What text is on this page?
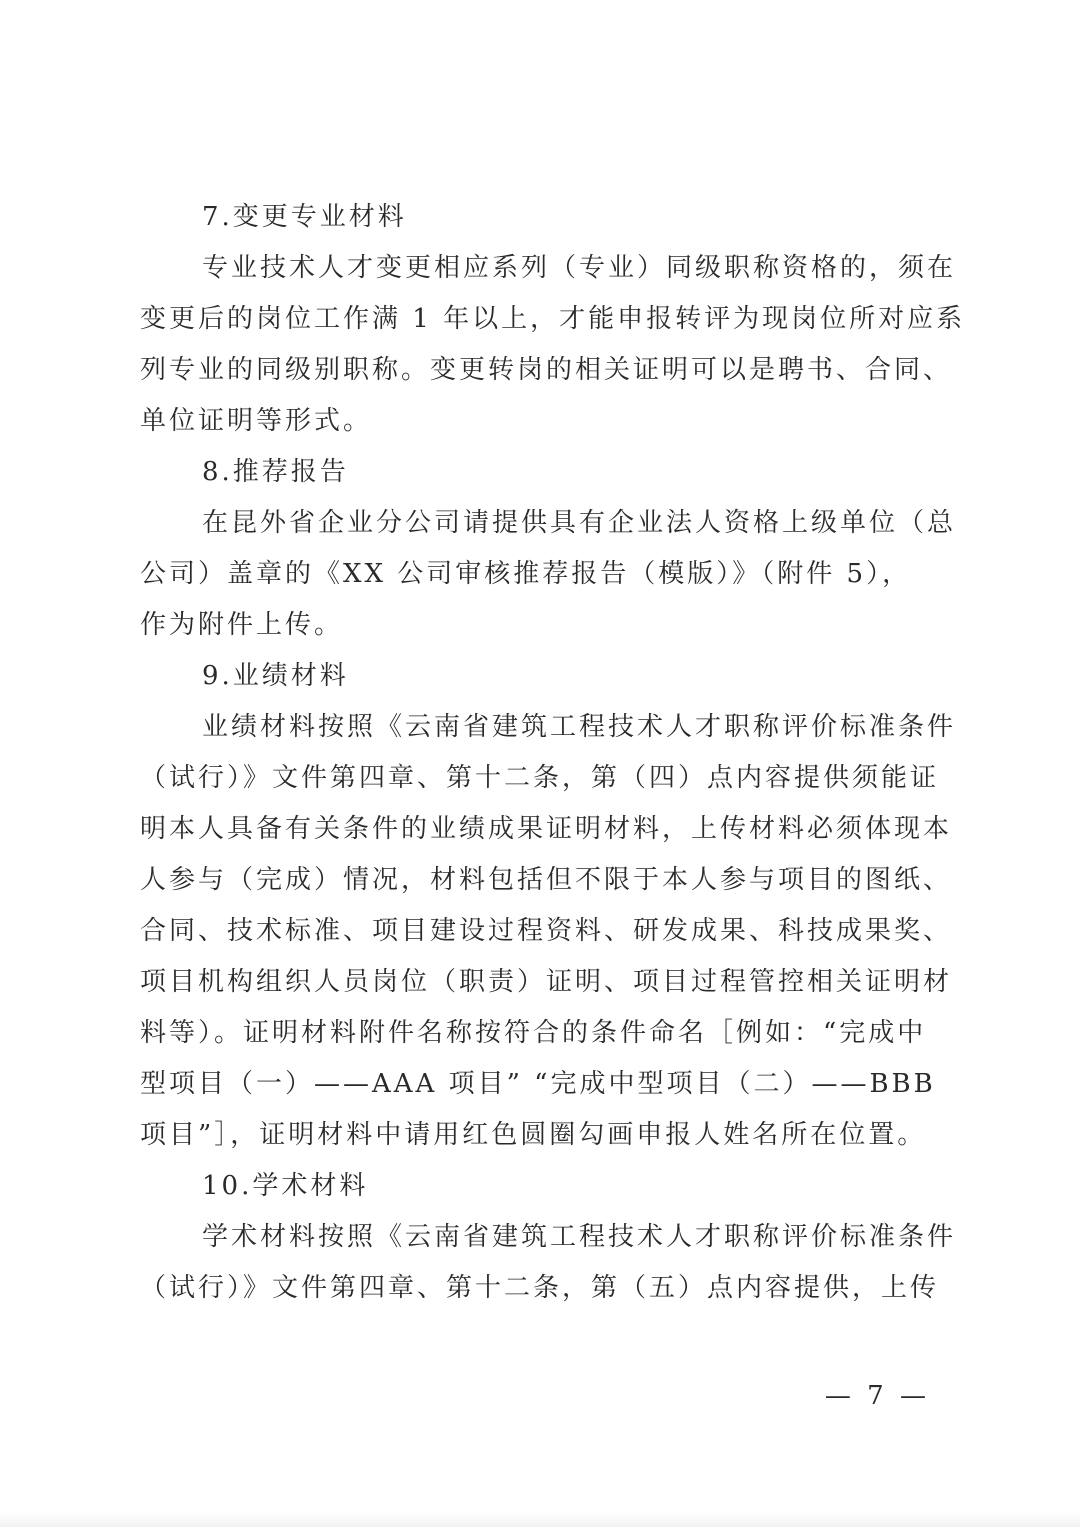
7.变更专业材料
专业技术人才变更相应系列（专业）同级职称资格的，须在
变更后的岗位工作满 1 年以上，才能申报转评为现岗位所对应系
列专业的同级别职称。变更转岗的相关证明可以是聘书、合同、
单位证明等形式。
8.推荐报告
在昆外省企业分公司请提供具有企业法人资格上级单位（总
公司）盖章的《XX 公司审核推荐报告（模版）》（附件 5），
作为附件上传。
9.业绩材料
业绩材料按照《云南省建筑工程技术人才职称评价标准条件
（试行）》文件第四章、第十二条，第（四）点内容提供须能证
明本人具备有关条件的业绩成果证明材料，上传材料必须体现本
人参与（完成）情况，材料包括但不限于本人参与项目的图纸、
合同、技术标准、项目建设过程资料、研发成果、科技成果奖、
项目机构组织人员岗位（职责）证明、项目过程管控相关证明材
料等）。证明材料附件名称按符合的条件命名［例如：“完成中
型项目（一）——AAA 项目” “完成中型项目（二）——BBB
项目”］，证明材料中请用红色圆圈勾画申报人姓名所在位置。
10.学术材料
学术材料按照《云南省建筑工程技术人才职称评价标准条件
（试行）》文件第四章、第十二条，第（五）点内容提供，上传
— 7 —
